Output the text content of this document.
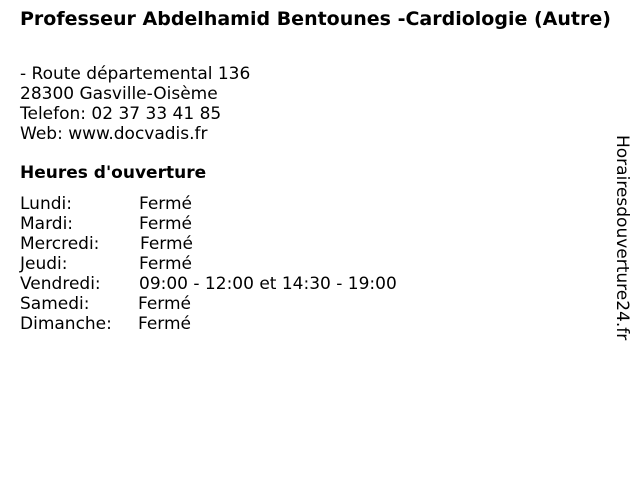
Professeur Abdelhamid Bentounes -Cardiologie (Autre)
- Route départemental 136
28300 Gasville-Oisème
Telefon: 02 37 33 41 85
Web: www.docvadis.fr
Heures d'ouverture
Lundi:	Fermé
Mardi:	Fermé
Mercredi: Fermé
Jeudi:	Fermé
Vendredi: 09:00 - 12:00 et 14:30 - 19:00
Samedi:	Fermé
Dimanche: Fermé	Horairesdouverture24.fr
